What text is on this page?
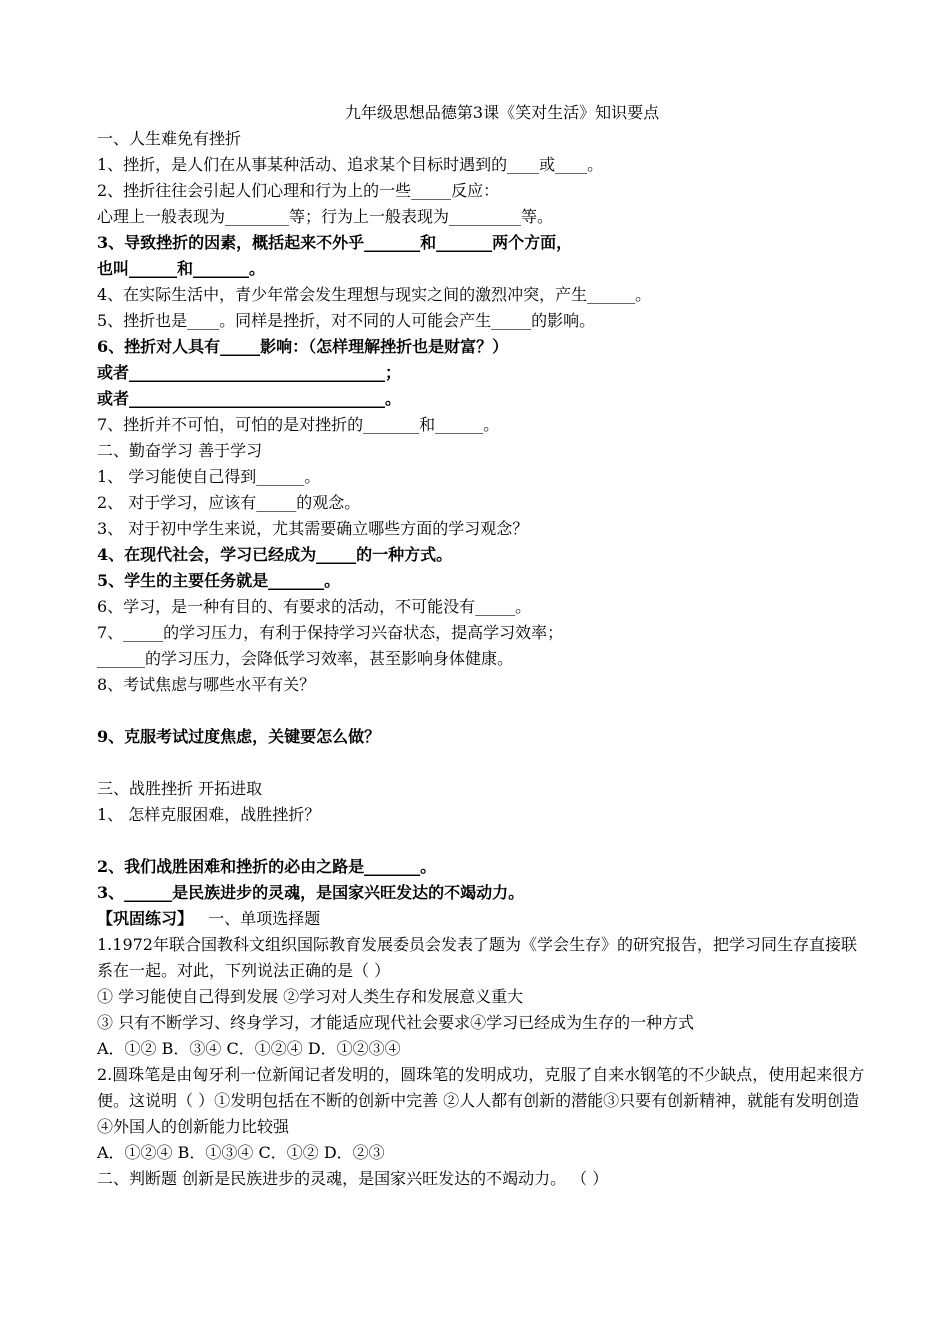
九年级思想品德第3课《笑对生活》知识要点
一、人生难免有挫折
1、挫折，是人们在从事某种活动、追求某个目标时遇到的____或____。
2、挫折往往会引起人们心理和行为上的一些_____反应：
心理上一般表现为________等；行为上一般表现为_________等。
3、导致挫折的因素，概括起来不外乎_______和_______两个方面，
也叫______和_______。
4、在实际生活中，青少年常会发生理想与现实之间的激烈冲突，产生______。
5、挫折也是____。同样是挫折，对不同的人可能会产生_____的影响。
6、挫折对人具有_____影响：（怎样理解挫折也是财富？）
或者________________________________；
或者________________________________。
7、挫折并不可怕，可怕的是对挫折的_______和______。
二、勤奋学习 善于学习
1、 学习能使自己得到______。
2、 对于学习，应该有_____的观念。
3、 对于初中学生来说，尤其需要确立哪些方面的学习观念？
4、在现代社会，学习已经成为_____的一种方式。
5、学生的主要任务就是_______。
6、学习，是一种有目的、有要求的活动，不可能没有_____。
7、_____的学习压力，有利于保持学习兴奋状态，提高学习效率；
______的学习压力，会降低学习效率，甚至影响身体健康。
8、考试焦虑与哪些水平有关？
9、克服考试过度焦虑，关键要怎么做？
三、战胜挫折 开拓进取
1、 怎样克服困难，战胜挫折？
2、我们战胜困难和挫折的必由之路是_______。
3、______是民族进步的灵魂，是国家兴旺发达的不竭动力。
【巩固练习】 一、单项选择题
1.1972年联合国教科文组织国际教育发展委员会发表了题为《学会生存》的研究报告，把学习同生存直接联系在一起。对此，下列说法正确的是（ ）
① 学习能使自己得到发展 ②学习对人类生存和发展意义重大
③ 只有不断学习、终身学习，才能适应现代社会要求④学习已经成为生存的一种方式
A．①② B．③④ C．①②④ D．①②③④
2.圆珠笔是由匈牙利一位新闻记者发明的，圆珠笔的发明成功，克服了自来水钢笔的不少缺点，使用起来很方便。这说明（ ）①发明包括在不断的创新中完善 ②人人都有创新的潜能③只要有创新精神，就能有发明创造 ④外国人的创新能力比较强
A．①②④ B．①③④ C．①② D．②③
二、判断题 创新是民族进步的灵魂，是国家兴旺发达的不竭动力。 （ ）
